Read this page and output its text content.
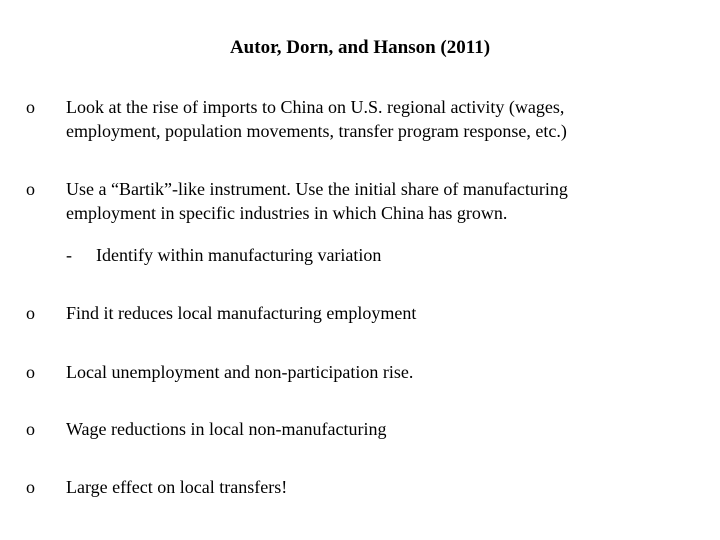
Autor, Dorn, and Hanson (2011)
o Look at the rise of imports to China on U.S. regional activity (wages,
employment, population movements, transfer program response, etc.)
o Use a “Bartik”-like instrument. Use the initial share of manufacturing
employment in specific industries in which China has grown.
- Identify within manufacturing variation
o Find it reduces local manufacturing employment
o Local unemployment and non-participation rise.
o Wage reductions in local non-manufacturing
o Large effect on local transfers!
